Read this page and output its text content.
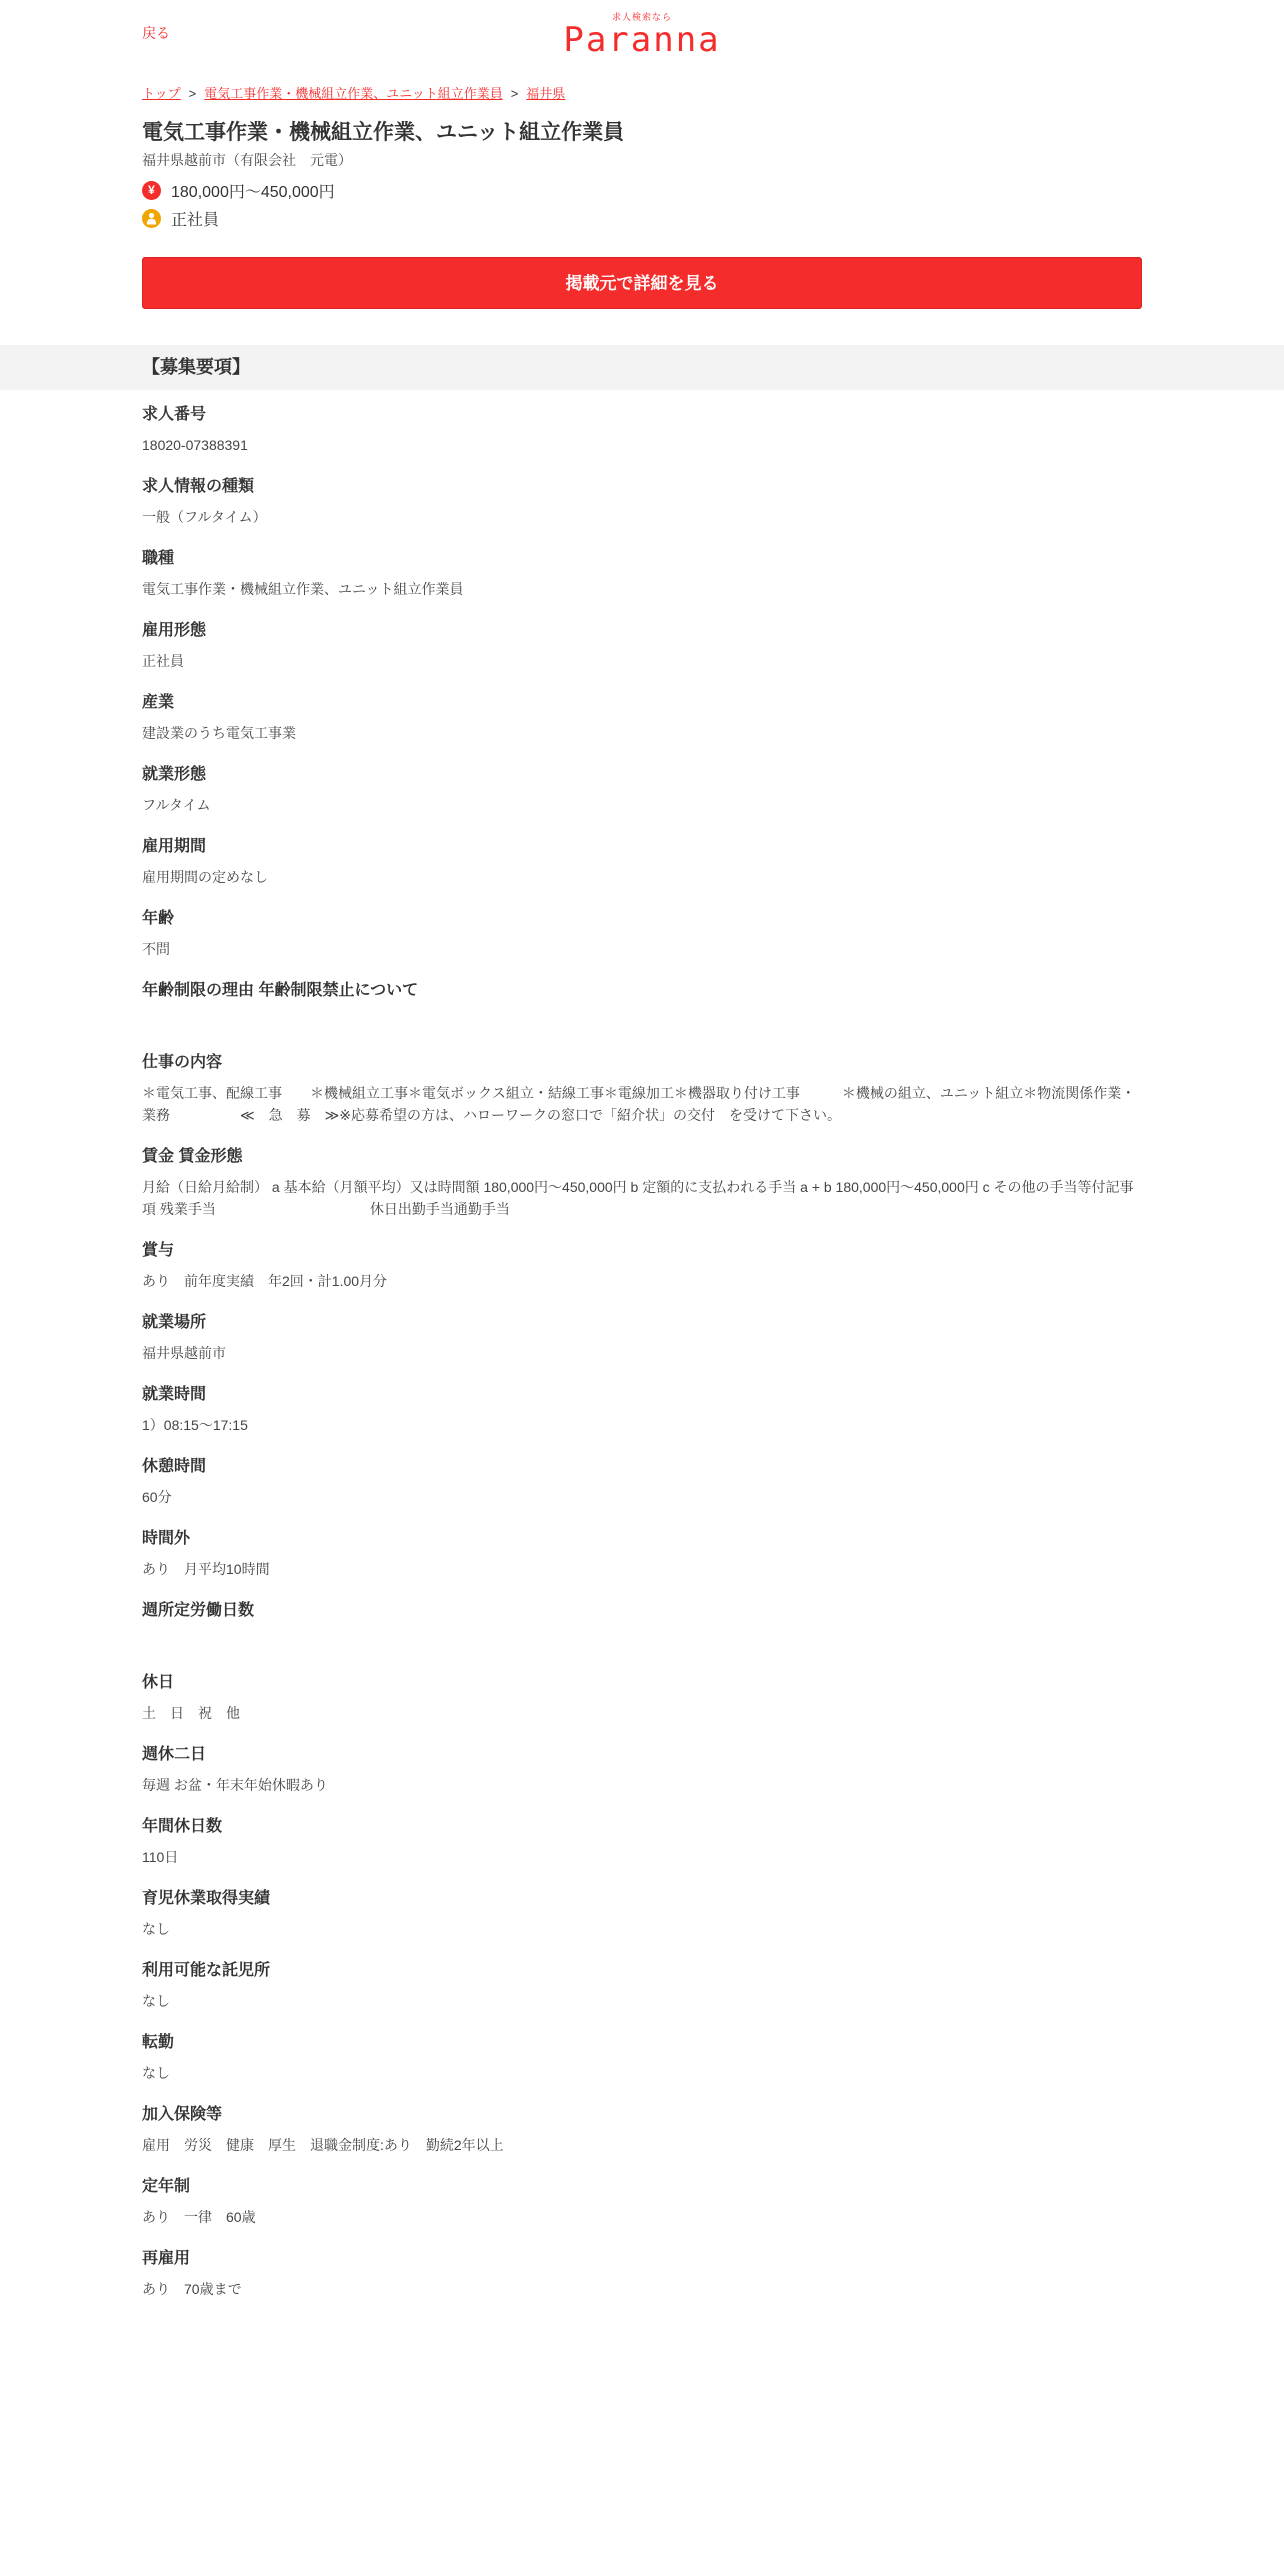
戻る
求人検索なら
Paranna
トップ > 電気工事作業・機械組立作業、ユニット組立作業員 > 福井県
電気工事作業・機械組立作業、ユニット組立作業員
福井県越前市（有限会社　元電）
¥	180,000円～450,000円
正社員
掲載元で詳細を見る
【募集要項】
求人番号
18020-07388391
求人情報の種類
一般（フルタイム）
職種
電気工事作業・機械組立作業、ユニット組立作業員
雇用形態
正社員
産業
建設業のうち電気工事業
就業形態
フルタイム
雇用期間
雇用期間の定めなし
年齢
不問
年齢制限の理由 年齢制限禁止について
仕事の内容
＊電気工事、配線工事　　＊機械組立工事＊電気ボックス組立・結線工事＊電線加工＊機器取り付け工事　　　＊機械の組立、ユニット組立＊物流関係作業・業務　　　　　≪　急　募　≫※応募希望の方は、ハローワークの窓口で「紹介状」の交付　を受けて下さい。
賃金 賃金形態
月給（日給月給制） a 基本給（月額平均）又は時間額 180,000円～450,000円 b 定額的に支払われる手当 a + b 180,000円～450,000円 c その他の手当等付記事項 残業手当　　　　　　　　　　　休日出勤手当通勤手当
賞与
あり　前年度実績　年2回・計1.00月分
就業場所
福井県越前市
就業時間
1）08:15～17:15
休憩時間
60分
時間外
あり　月平均10時間
週所定労働日数
休日
土　日　祝　他
週休二日
毎週 お盆・年末年始休暇あり
年間休日数
110日
育児休業取得実績
なし
利用可能な託児所
なし
転勤
なし
加入保険等
雇用　労災　健康　厚生　退職金制度:あり　勤続2年以上
定年制
あり　一律　60歳
再雇用
あり　70歳まで
